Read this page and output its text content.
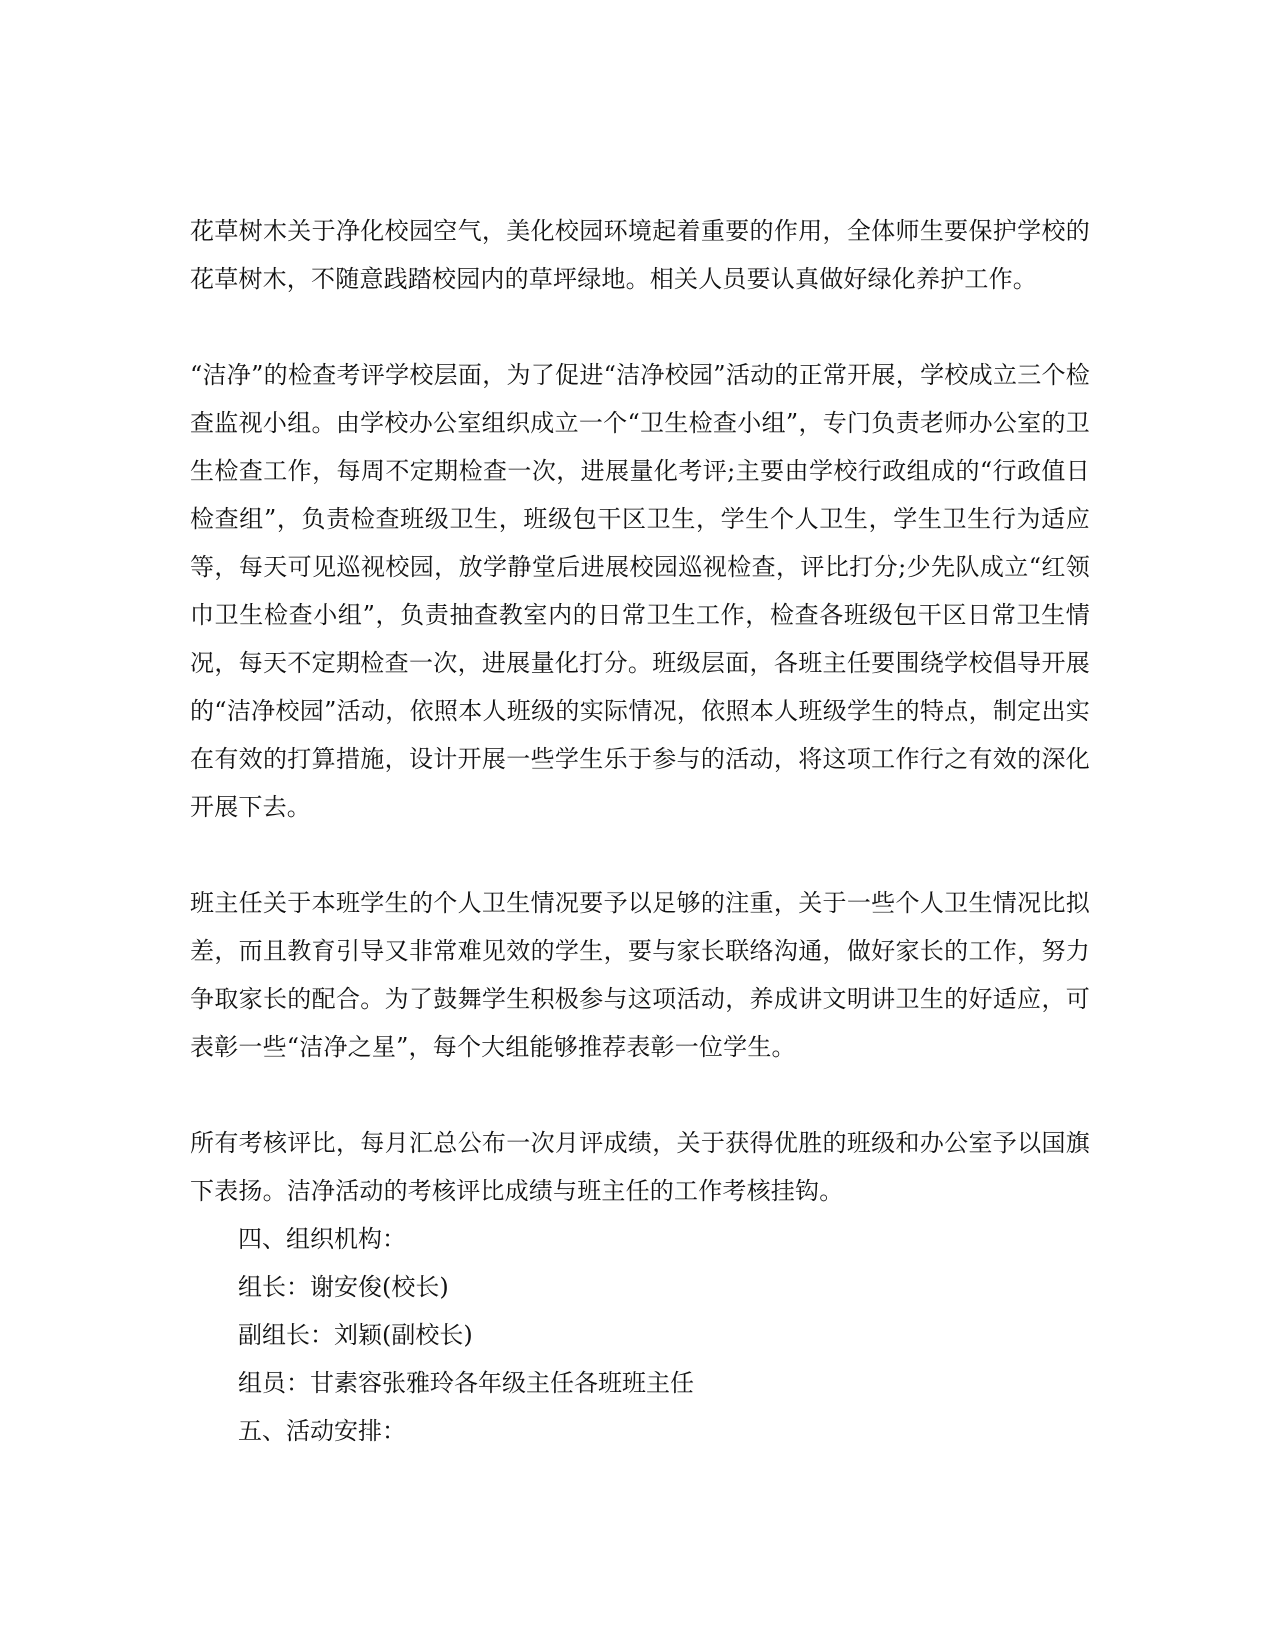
花草树木关于净化校园空气，美化校园环境起着重要的作用，全体师生要保护学校的花草树木，不随意践踏校园内的草坪绿地。相关人员要认真做好绿化养护工作。

“洁净”的检查考评学校层面，为了促进“洁净校园”活动的正常开展，学校成立三个检查监视小组。由学校办公室组织成立一个“卫生检查小组”，专门负责老师办公室的卫生检查工作，每周不定期检查一次，进展量化考评;主要由学校行政组成的“行政值日检查组”，负责检查班级卫生，班级包干区卫生，学生个人卫生，学生卫生行为适应等，每天可见巡视校园，放学静堂后进展校园巡视检查，评比打分;少先队成立“红领巾卫生检查小组”，负责抽查教室内的日常卫生工作，检查各班级包干区日常卫生情况，每天不定期检查一次，进展量化打分。班级层面，各班主任要围绕学校倡导开展的“洁净校园”活动，依照本人班级的实际情况，依照本人班级学生的特点，制定出实在有效的打算措施，设计开展一些学生乐于参与的活动，将这项工作行之有效的深化开展下去。

班主任关于本班学生的个人卫生情况要予以足够的注重，关于一些个人卫生情况比拟差，而且教育引导又非常难见效的学生，要与家长联络沟通，做好家长的工作，努力争取家长的配合。为了鼓舞学生积极参与这项活动，养成讲文明讲卫生的好适应，可表彰一些“洁净之星”，每个大组能够推荐表彰一位学生。

所有考核评比，每月汇总公布一次月评成绩，关于获得优胜的班级和办公室予以国旗下表扬。洁净活动的考核评比成绩与班主任的工作考核挂钩。

四、组织机构：

组长：谢安俊(校长)

副组长：刘颖(副校长)

组员：甘素容张雅玲各年级主任各班班主任

五、活动安排：
